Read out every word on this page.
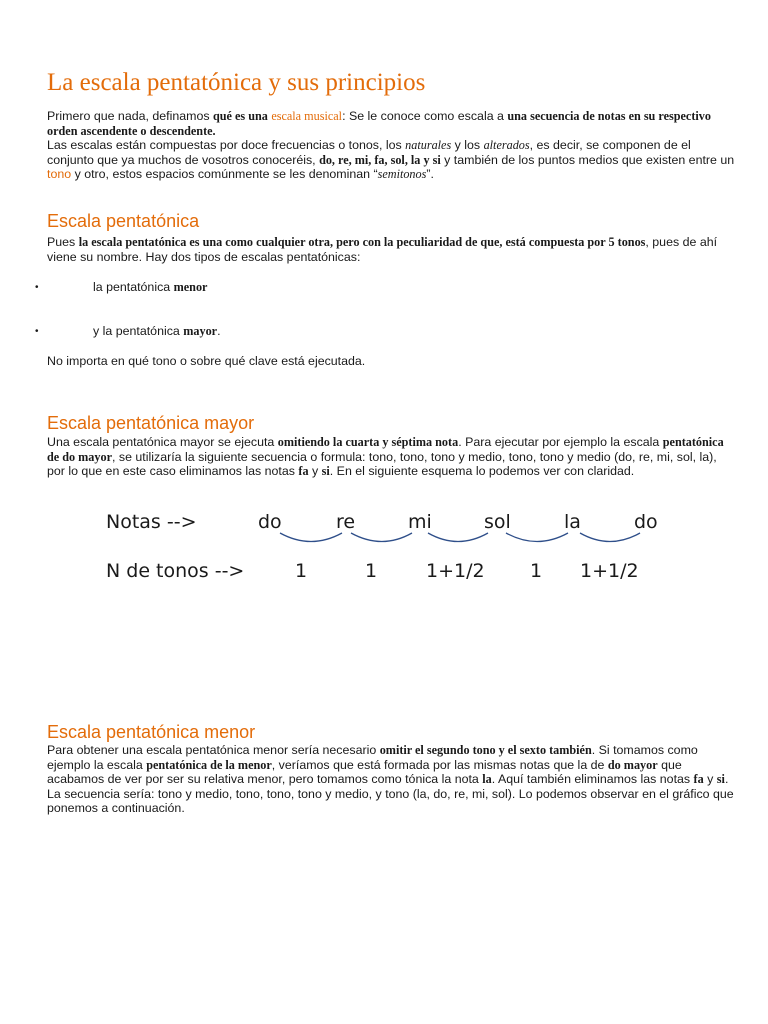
La escala pentatónica y sus principios

Primero que nada, definamos qué es una escala musical: Se le conoce como escala a una secuencia de notas en su respectivo orden ascendente o descendente.
Las escalas están compuestas por doce frecuencias o tonos, los naturales y los alterados, es decir, se componen de el conjunto que ya muchos de vosotros conoceréis, do, re, mi, fa, sol, la y si y también de los puntos medios que existen entre un tono y otro, estos espacios comúnmente se les denominan “semitonos”.

Escala pentatónica

Pues la escala pentatónica es una como cualquier otra, pero con la peculiaridad de que, está compuesta por 5 tonos, pues de ahí viene su nombre. Hay dos tipos de escalas pentatónicas:

•	la pentatónica menor
•	y la pentatónica mayor.

No importa en qué tono o sobre qué clave está ejecutada.

Escala pentatónica mayor

Una escala pentatónica mayor se ejecuta omitiendo la cuarta y séptima nota. Para ejecutar por ejemplo la escala pentatónica de do mayor, se utilizaría la siguiente secuencia o formula: tono, tono, tono y medio, tono, tono y medio (do, re, mi, sol, la), por lo que en este caso eliminamos las notas fa y si. En el siguiente esquema lo podemos ver con claridad.

Notas -->	do	re	mi	sol	la	do
N de tonos -->	1	1	1+1/2 1 1+1/2
Escala pentatónica menor

Para obtener una escala pentatónica menor sería necesario omitir el segundo tono y el sexto también. Si tomamos como ejemplo la escala pentatónica de la menor, veríamos que está formada por las mismas notas que la de do mayor que acabamos de ver por ser su relativa menor, pero tomamos como tónica la nota la. Aquí también eliminamos las notas fa y si. La secuencia sería: tono y medio, tono, tono, tono y medio, y tono (la, do, re, mi, sol). Lo podemos observar en el gráfico que ponemos a continuación.
